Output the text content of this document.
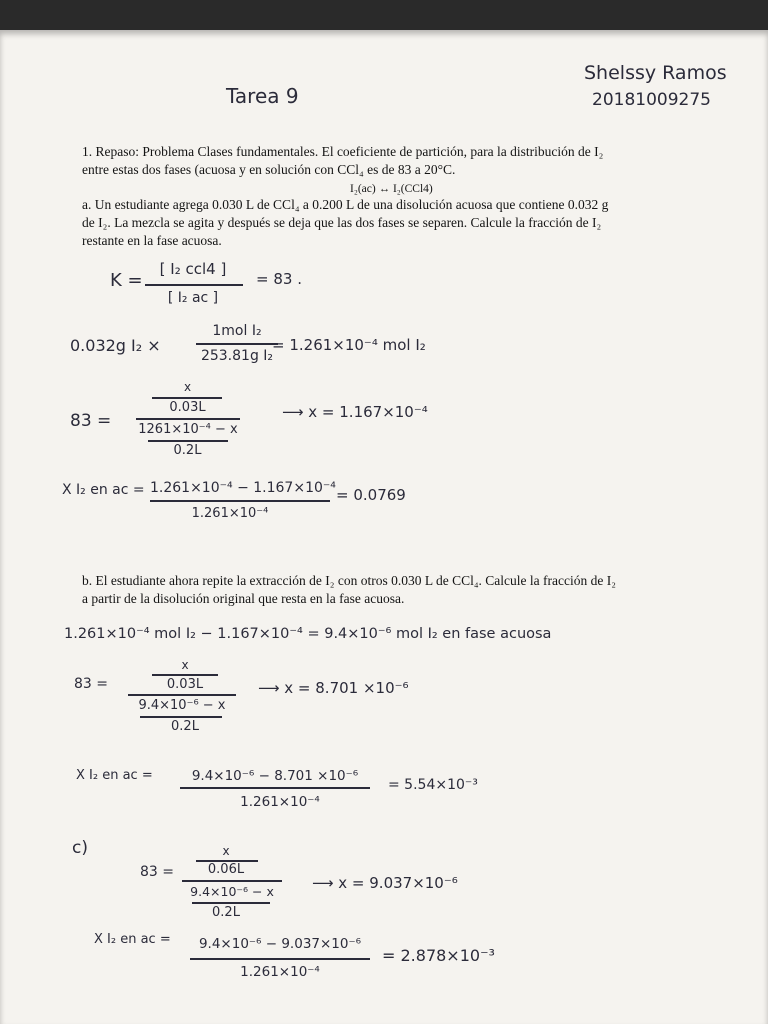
Tarea 9
Shelssy Ramos
20181009275
1. Repaso: Problema Clases fundamentales. El coeficiente de partición, para la distribución de I₂
entre estas dos fases (acuosa y en solución con CCl₄ es de 83 a 20°C.
I₂(ac) ↔ I₂(CCl4)
a. Un estudiante agrega 0.030 L de CCl₄ a 0.200 L de una disolución acuosa que contiene 0.032 g
de I₂. La mezcla se agita y después se deja que las dos fases se separen. Calcule la fracción de I₂
restante en la fase acuosa.
K =
[ I₂ ccl4 ]
[ I₂ ac ]
= 83 .
0.032g I₂ ×
1mol I₂
253.81g I₂
= 1.261×10⁻⁴ mol I₂
83 =
x
0.03L
1261×10⁻⁴ − x
0.2L
⟶ x = 1.167×10⁻⁴
X I₂ en ac = 1.261×10⁻⁴ − 1.167×10⁻⁴
1.261×10⁻⁴
= 0.0769
b. El estudiante ahora repite la extracción de I₂ con otros 0.030 L de CCl₄. Calcule la fracción de I₂
a partir de la disolución original que resta en la fase acuosa.
1.261×10⁻⁴ mol I₂ − 1.167×10⁻⁴ = 9.4×10⁻⁶ mol I₂ en fase acuosa
83 =
x
0.03L
9.4×10⁻⁶ − x
0.2L
⟶ x = 8.701 ×10⁻⁶
X I₂ en ac =	9.4×10⁻⁶ − 8.701 ×10⁻⁶
1.261×10⁻⁴
= 5.54×10⁻³
c)
83 =
x
0.06L
9.4×10⁻⁶ − x
0.2L
⟶ x = 9.037×10⁻⁶
X I₂ en ac =	9.4×10⁻⁶ − 9.037×10⁻⁶
1.261×10⁻⁴
= 2.878×10⁻³
